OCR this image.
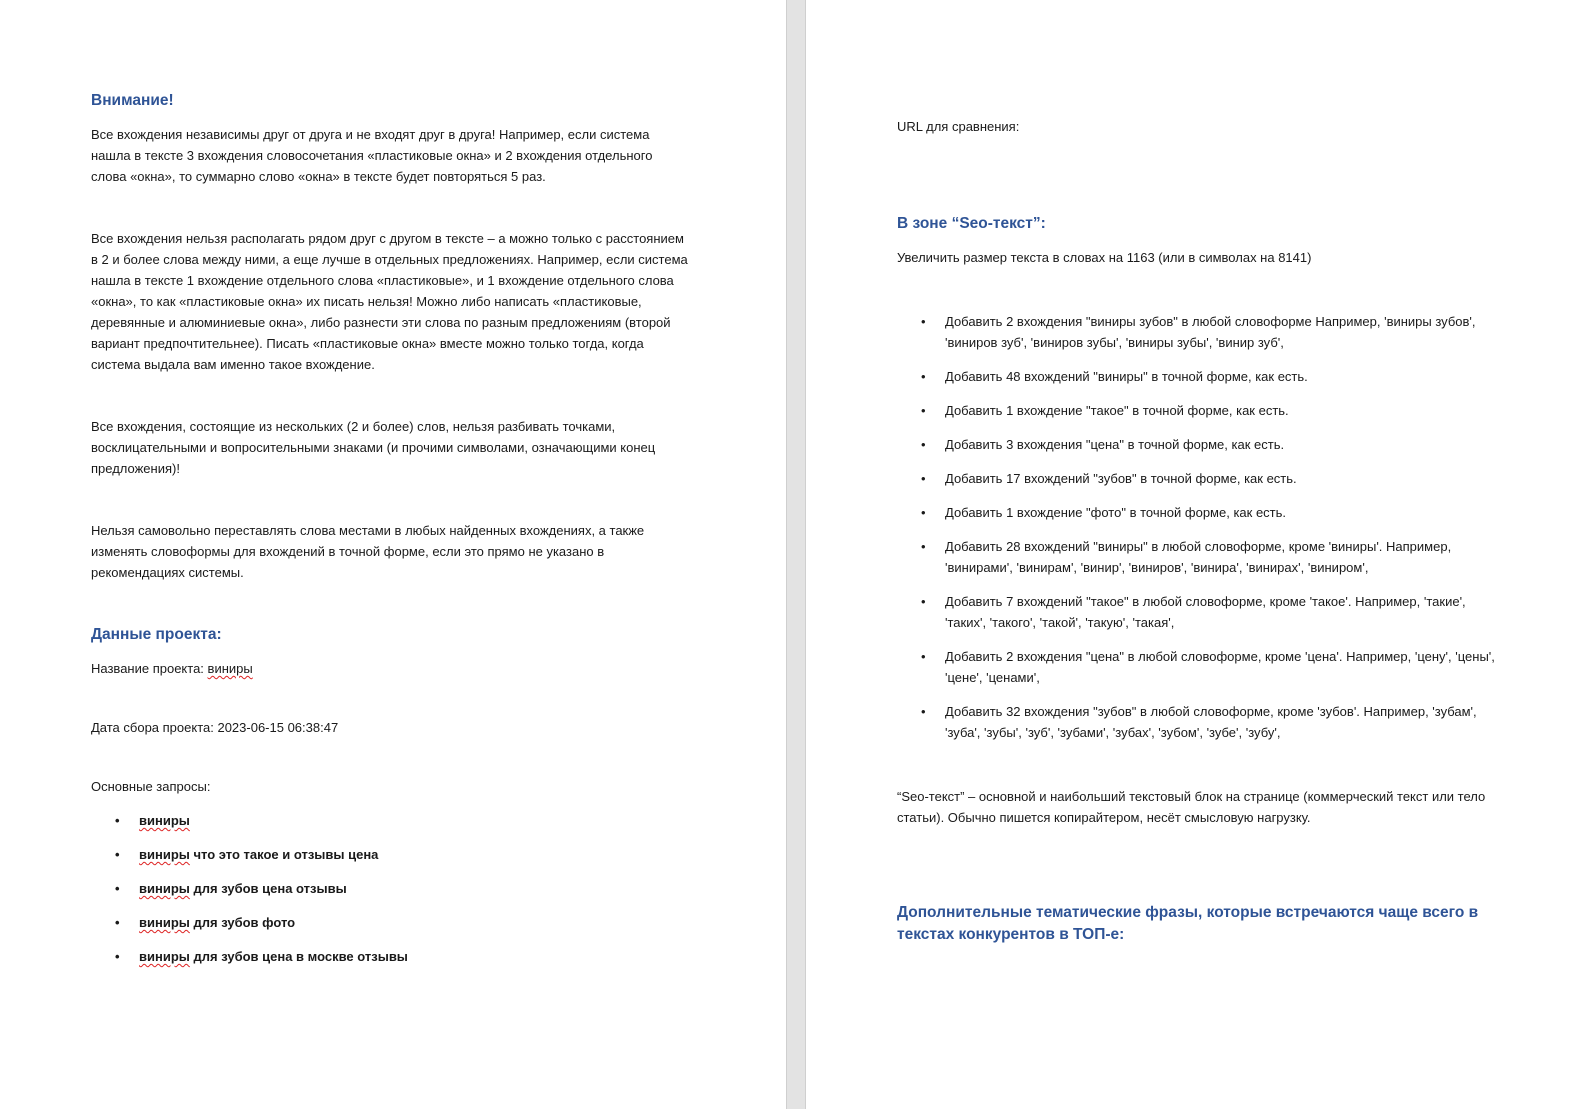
Внимание!

Все вхождения независимы друг от друга и не входят друг в друга! Например, если система нашла в тексте 3 вхождения словосочетания «пластиковые окна» и 2 вхождения отдельного слова «окна», то суммарно слово «окна» в тексте будет повторяться 5 раз.

Все вхождения нельзя располагать рядом друг с другом в тексте – а можно только с расстоянием в 2 и более слова между ними, а еще лучше в отдельных предложениях. Например, если система нашла в тексте 1 вхождение отдельного слова «пластиковые», и 1 вхождение отдельного слова «окна», то как «пластиковые окна» их писать нельзя! Можно либо написать «пластиковые, деревянные и алюминиевые окна», либо разнести эти слова по разным предложениям (второй вариант предпочтительнее). Писать «пластиковые окна» вместе можно только тогда, когда система выдала вам именно такое вхождение.

Все вхождения, состоящие из нескольких (2 и более) слов, нельзя разбивать точками, восклицательными и вопросительными знаками (и прочими символами, означающими конец предложения)!

Нельзя самовольно переставлять слова местами в любых найденных вхождениях, а также изменять словоформы для вхождений в точной форме, если это прямо не указано в рекомендациях системы.

Данные проекта:

Название проекта: виниры

Дата сбора проекта: 2023-06-15 06:38:47

Основные запросы:

• виниры
• виниры что это такое и отзывы цена
• виниры для зубов цена отзывы
• виниры для зубов фото
• виниры для зубов цена в москве отзывы

URL для сравнения:

В зоне “Seo-текст”:

Увеличить размер текста в словах на 1163 (или в символах на 8141)

• Добавить 2 вхождения "виниры зубов" в любой словоформе Например, 'виниры зубов', 'виниров зуб', 'виниров зубы', 'виниры зубы', 'винир зуб',
• Добавить 48 вхождений "виниры" в точной форме, как есть.
• Добавить 1 вхождение "такое" в точной форме, как есть.
• Добавить 3 вхождения "цена" в точной форме, как есть.
• Добавить 17 вхождений "зубов" в точной форме, как есть.
• Добавить 1 вхождение "фото" в точной форме, как есть.
• Добавить 28 вхождений "виниры" в любой словоформе, кроме 'виниры'. Например, 'винирами', 'винирам', 'винир', 'виниров', 'винира', 'винирах', 'виниром',
• Добавить 7 вхождений "такое" в любой словоформе, кроме 'такое'. Например, 'такие', 'таких', 'такого', 'такой', 'такую', 'такая',
• Добавить 2 вхождения "цена" в любой словоформе, кроме 'цена'. Например, 'цену', 'цены', 'цене', 'ценами',
• Добавить 32 вхождения "зубов" в любой словоформе, кроме 'зубов'. Например, 'зубам', 'зуба', 'зубы', 'зуб', 'зубами', 'зубах', 'зубом', 'зубе', 'зубу',

“Seo-текст” – основной и наибольший текстовый блок на странице (коммерческий текст или тело статьи). Обычно пишется копирайтером, несёт смысловую нагрузку.

Дополнительные тематические фразы, которые встречаются чаще всего в текстах конкурентов в ТОП-е:
